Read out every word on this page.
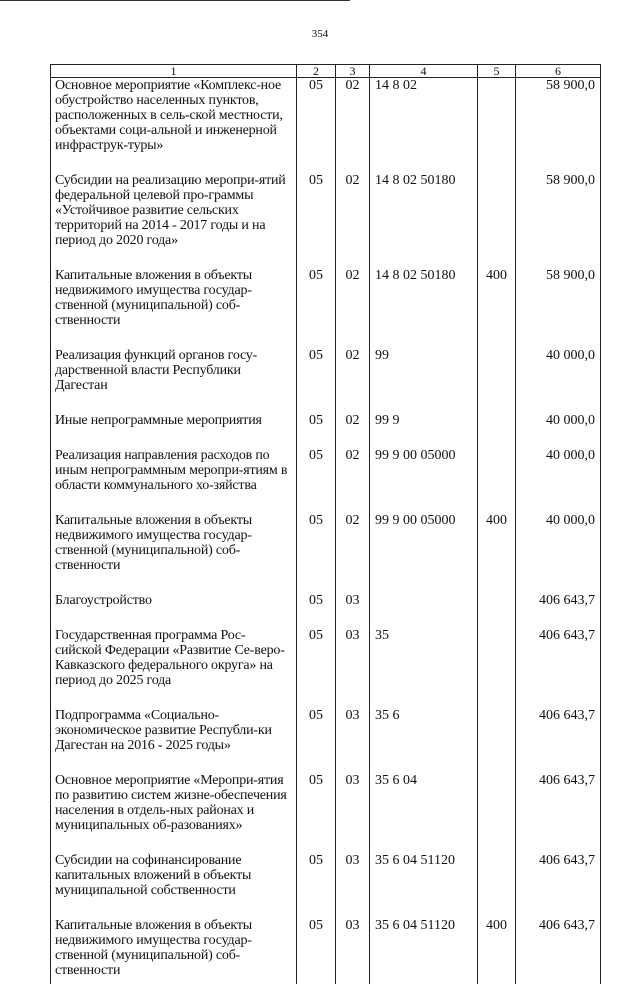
354
1	2	3	4	5	6
Основное мероприятие «Комплекс-ное обустройство населенных пунктов, расположенных в сель-ской местности, объектами соци-альной и инженерной инфраструк-туры»	05	02	14 8 02		58 900,0
Субсидии на реализацию меропри-ятий федеральной целевой про-граммы «Устойчивое развитие сельских территорий на 2014 - 2017 годы и на период до 2020 года»	05	02	14 8 02 50180		58 900,0
Капитальные вложения в объекты недвижимого имущества государ-ственной (муниципальной) соб-ственности	05	02	14 8 02 50180	400	58 900,0
Реализация функций органов госу-дарственной власти Республики Дагестан	05	02	99		40 000,0
Иные непрограммные мероприятия	05	02	99 9		40 000,0
Реализация направления расходов по иным непрограммным меропри-ятиям в области коммунального хо-зяйства	05	02	99 9 00 05000		40 000,0
Капитальные вложения в объекты недвижимого имущества государ-ственной (муниципальной) соб-ственности	05	02	99 9 00 05000	400	40 000,0
Благоустройство	05	03			406 643,7
Государственная программа Рос-сийской Федерации «Развитие Се-веро-Кавказского федерального округа» на период до 2025 года	05	03	35		406 643,7
Подпрограмма «Социально-экономическое развитие Республи-ки Дагестан на 2016 - 2025 годы»	05	03	35 6		406 643,7
Основное мероприятие «Меропри-ятия по развитию систем жизне-обеспечения населения в отдель-ных районах и муниципальных об-разованиях»	05	03	35 6 04		406 643,7
Субсидии на софинансирование капитальных вложений в объекты муниципальной собственности	05	03	35 6 04 51120		406 643,7
Капитальные вложения в объекты недвижимого имущества государ-ственной (муниципальной) соб-ственности	05	03	35 6 04 51120	400	406 643,7
